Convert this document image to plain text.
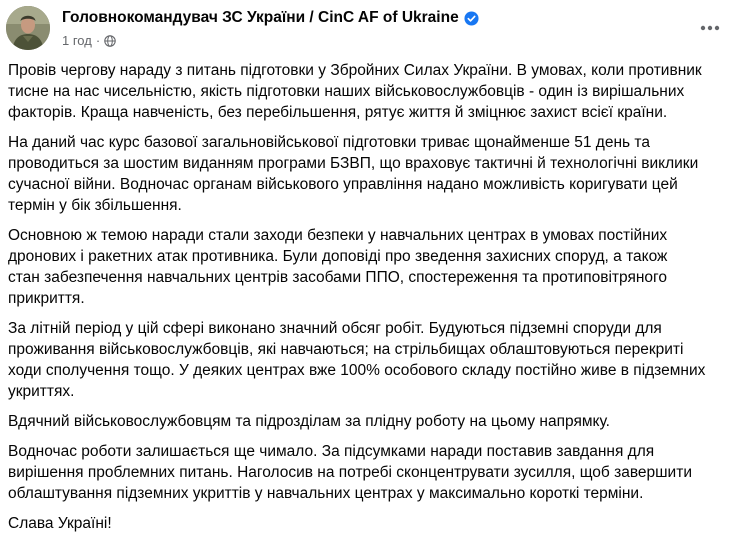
Головнокомандувач ЗС України / CinC AF of Ukraine
1 год ·

Провів чергову нараду з питань підготовки у Збройних Силах України. В умовах, коли противник
тисне на нас чисельністю, якість підготовки наших військовослужбовців - один із вирішальних
факторів. Краща навченість, без перебільшення, рятує життя й зміцнює захист всієї країни.

На даний час курс базової загальновійськової підготовки триває щонайменше 51 день та
проводиться за шостим виданням програми БЗВП, що враховує тактичні й технологічні виклики
сучасної війни. Водночас органам військового управління надано можливість коригувати цей
термін у бік збільшення.

Основною ж темою наради стали заходи безпеки у навчальних центрах в умовах постійних
дронових і ракетних атак противника. Були доповіді про зведення захисних споруд, а також
стан забезпечення навчальних центрів засобами ППО, спостереження та протиповітряного
прикриття.

За літній період у цій сфері виконано значний обсяг робіт. Будуються підземні споруди для
проживання військовослужбовців, які навчаються; на стрільбищах облаштовуються перекриті
ходи сполучення тощо. У деяких центрах вже 100% особового складу постійно живе в підземних
укриттях.

Вдячний військовослужбовцям та підрозділам за плідну роботу на цьому напрямку.

Водночас роботи залишається ще чимало. За підсумками наради поставив завдання для
вирішення проблемних питань. Наголосив на потребі сконцентрувати зусилля, щоб завершити
облаштування підземних укриттів у навчальних центрах у максимально короткі терміни.

Слава Україні!
